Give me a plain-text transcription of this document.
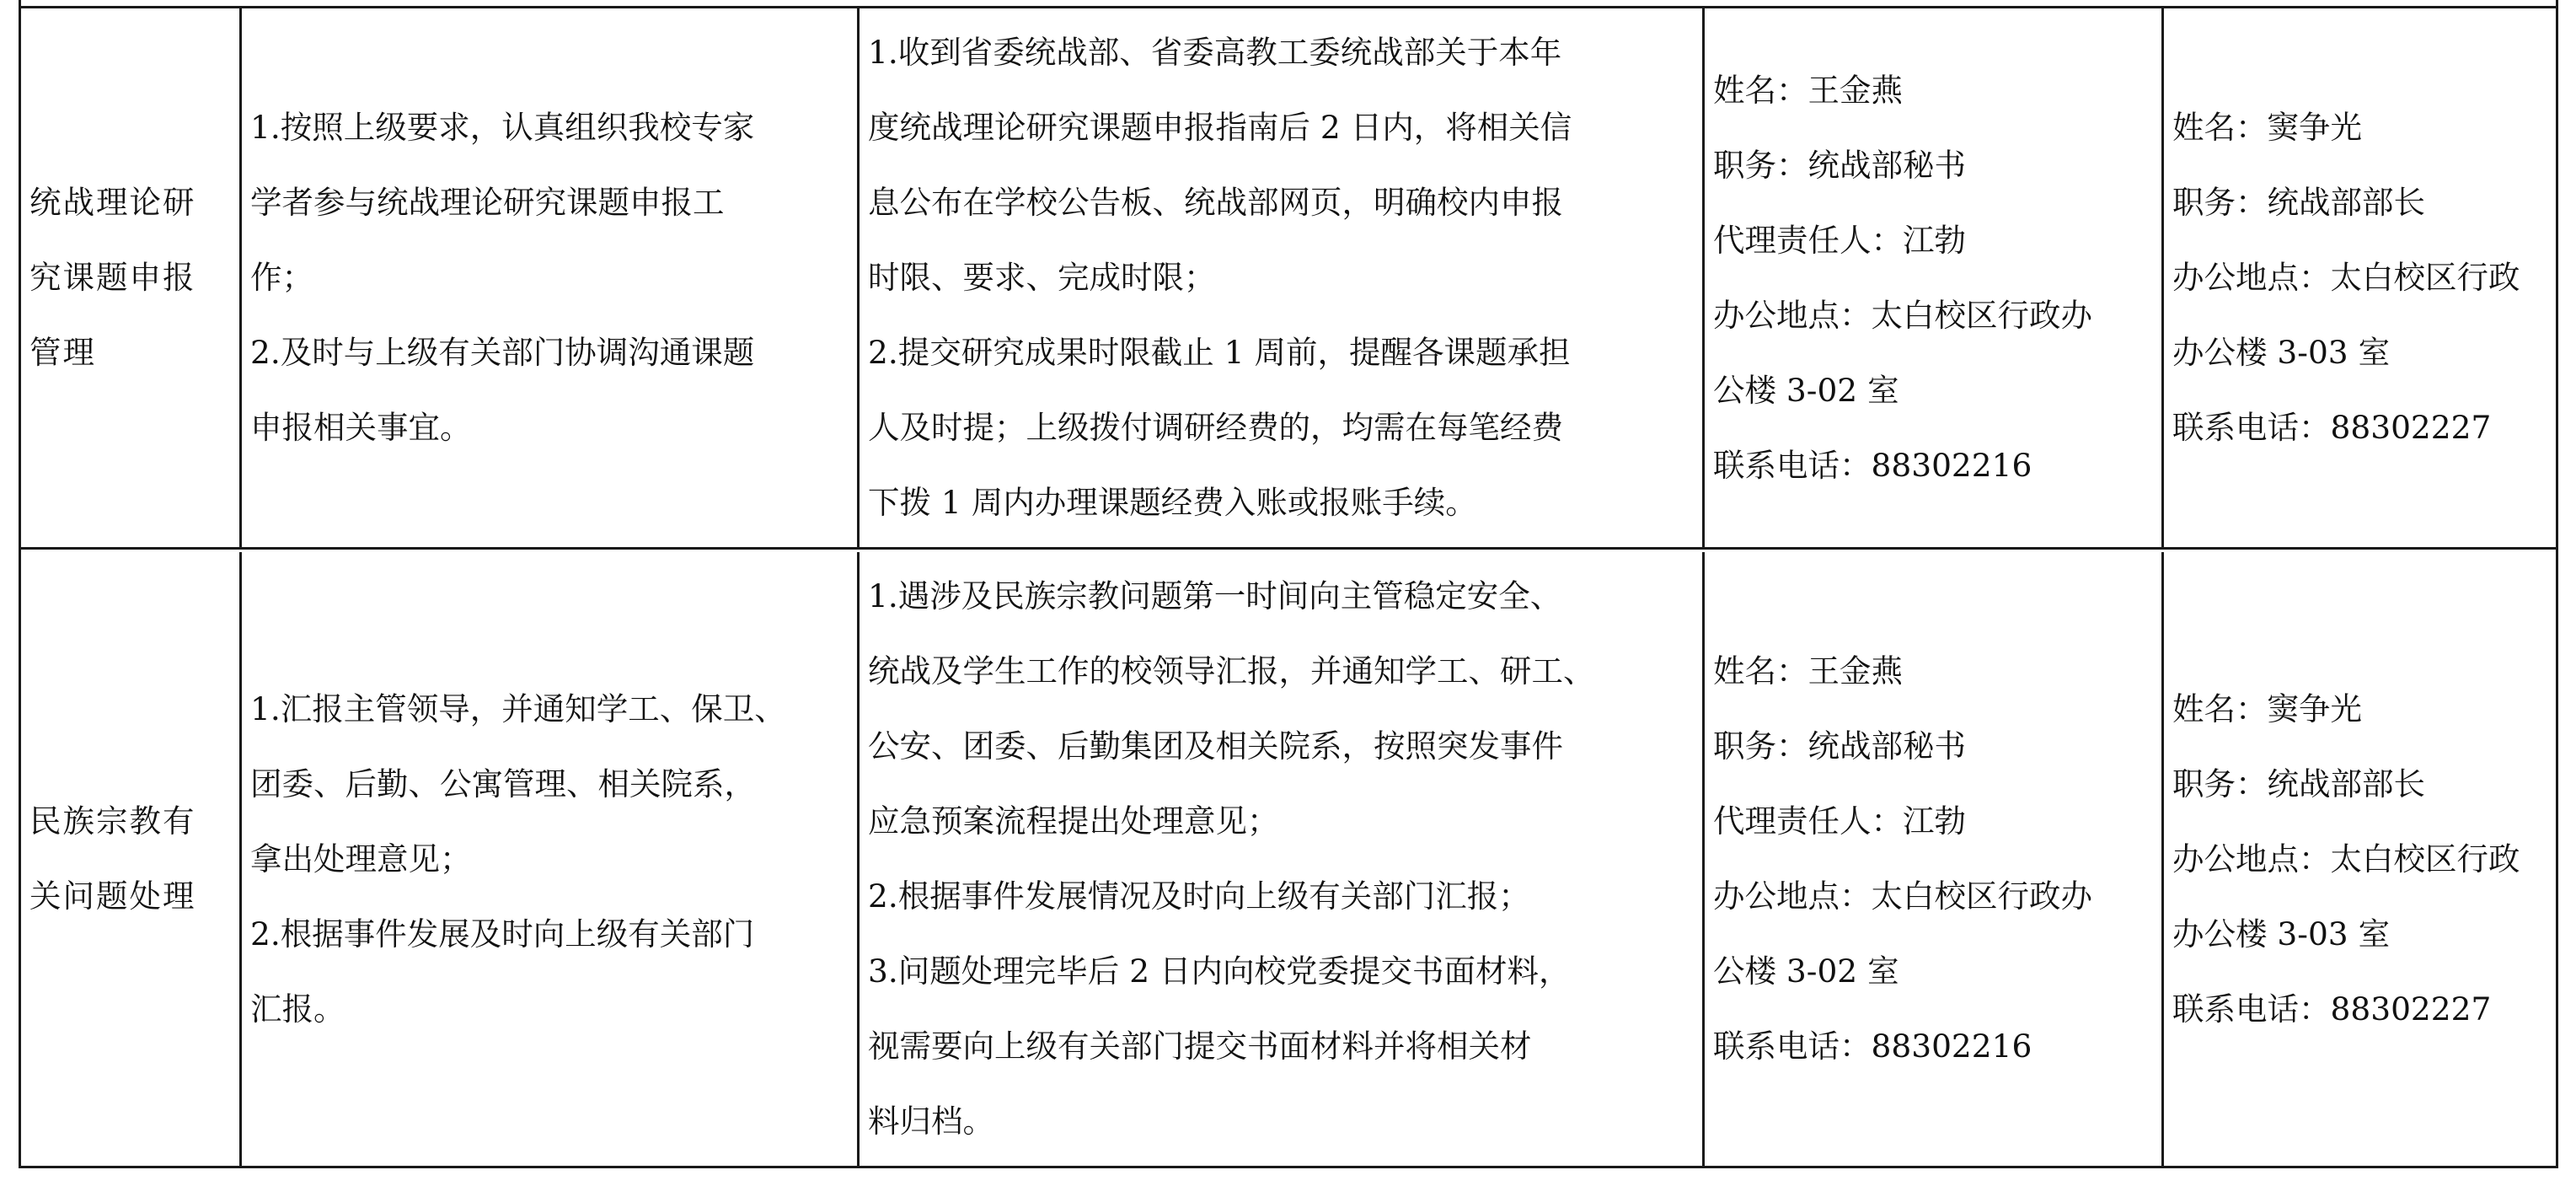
统战理论研
究课题申报
管理
1.按照上级要求，认真组织我校专家
学者参与统战理论研究课题申报工
作；
2.及时与上级有关部门协调沟通课题
申报相关事宜。
1.收到省委统战部、省委高教工委统战部关于本年
度统战理论研究课题申报指南后 2 日内，将相关信
息公布在学校公告板、统战部网页，明确校内申报
时限、要求、完成时限；
2.提交研究成果时限截止 1 周前，提醒各课题承担
人及时提；上级拨付调研经费的，均需在每笔经费
下拨 1 周内办理课题经费入账或报账手续。
姓名：王金燕
职务：统战部秘书
代理责任人：江勃
办公地点：太白校区行政办
公楼 3-02 室
联系电话：88302216
姓名：窦争光
职务：统战部部长
办公地点：太白校区行政
办公楼 3-03 室
联系电话：88302227
民族宗教有
关问题处理
1.汇报主管领导，并通知学工、保卫、
团委、后勤、公寓管理、相关院系，
拿出处理意见；
2.根据事件发展及时向上级有关部门
汇报。
1.遇涉及民族宗教问题第一时间向主管稳定安全、
统战及学生工作的校领导汇报，并通知学工、研工、
公安、团委、后勤集团及相关院系，按照突发事件
应急预案流程提出处理意见；
2.根据事件发展情况及时向上级有关部门汇报；
3.问题处理完毕后 2 日内向校党委提交书面材料，
视需要向上级有关部门提交书面材料并将相关材
料归档。
姓名：王金燕
职务：统战部秘书
代理责任人：江勃
办公地点：太白校区行政办
公楼 3-02 室
联系电话：88302216
姓名：窦争光
职务：统战部部长
办公地点：太白校区行政
办公楼 3-03 室
联系电话：88302227
